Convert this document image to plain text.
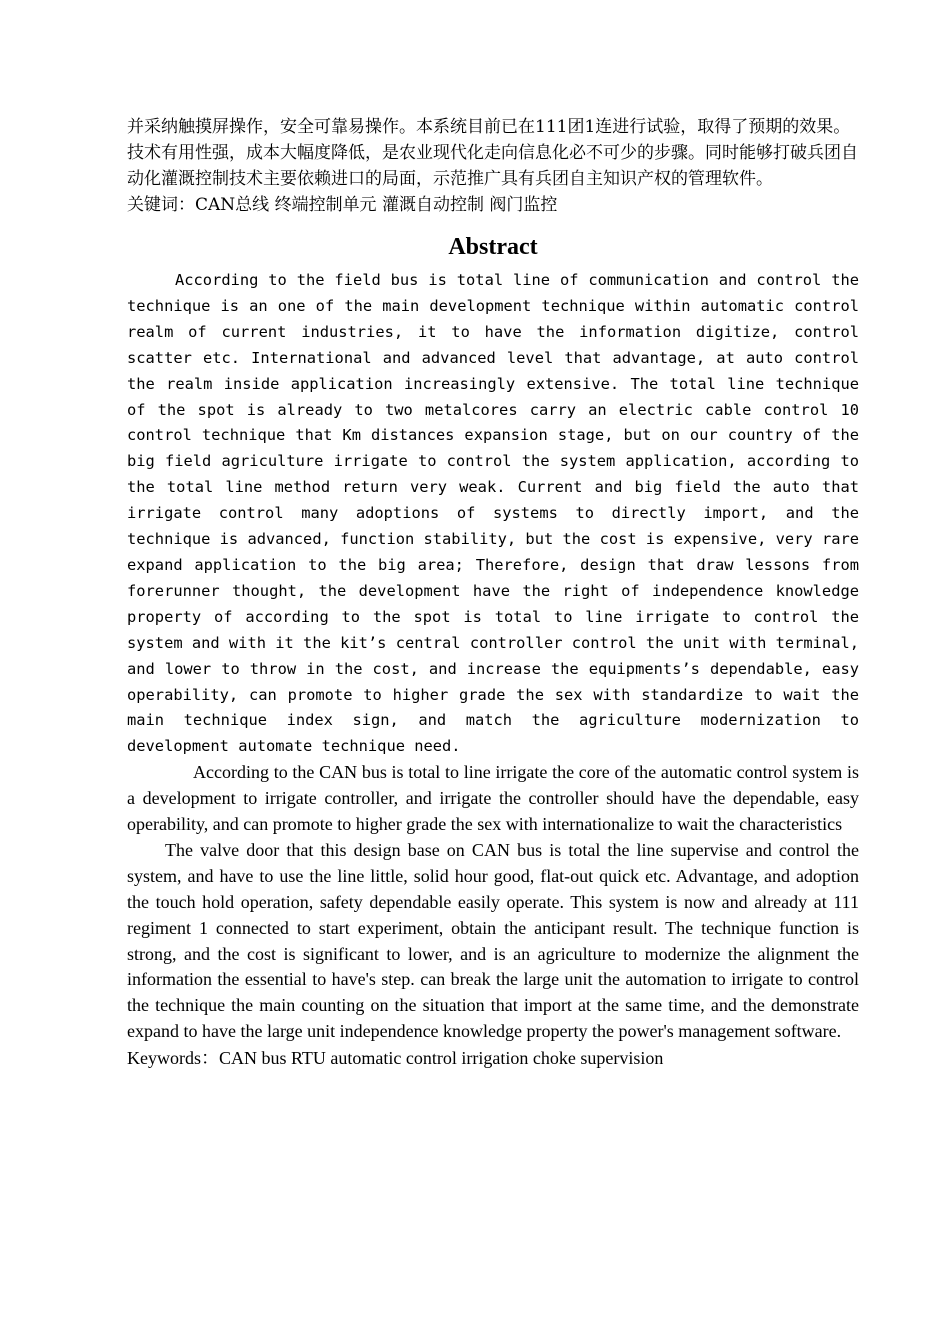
并采纳触摸屏操作，安全可靠易操作。本系统目前已在111团1连进行试验，取得了预期的效果。技术有用性强，成本大幅度降低，是农业现代化走向信息化必不可少的步骤。同时能够打破兵团自动化灌溉控制技术主要依赖进口的局面，示范推广具有兵团自主知识产权的管理软件。

关键词：CAN总线 终端控制单元 灌溉自动控制 阀门监控

Abstract

According to the field bus is total line of communication and control the technique is an one of the main development technique within automatic control realm of current industries, it to have the information digitize, control scatter etc. International and advanced level that advantage, at auto control the realm inside application increasingly extensive. The total line technique of the spot is already to two metalcores carry an electric cable control 10 control technique that Km distances expansion stage, but on our country of the big field agriculture irrigate to control the system application, according to the total line method return very weak. Current and big field the auto that irrigate control many adoptions of systems to directly import, and the technique is advanced, function stability, but the cost is expensive, very rare expand application to the big area; Therefore, design that draw lessons from forerunner thought, the development have the right of independence knowledge property of according to the spot is total to line irrigate to control the system and with it the kit’s central controller control the unit with terminal, and lower to throw in the cost, and increase the equipments’s dependable, easy operability, can promote to higher grade the sex with standardize to wait the main technique index sign, and match the agriculture modernization to development automate technique need.

According to the CAN bus is total to line irrigate the core of the automatic control system is a development to irrigate controller, and irrigate the controller should have the dependable, easy operability, and can promote to higher grade the sex with internationalize to wait the characteristics

The valve door that this design base on CAN bus is total the line supervise and control the system, and have to use the line little, solid hour good, flat-out quick etc. Advantage, and adoption the touch hold operation, safety dependable easily operate. This system is now and already at 111 regiment 1 connected to start experiment, obtain the anticipant result. The technique function is strong, and the cost is significant to lower, and is an agriculture to modernize the alignment the information the essential to have's step. can break the large unit the automation to irrigate to control the technique the main counting on the situation that import at the same time, and the demonstrate expand to have the large unit independence knowledge property the power's management software.

Keywords：CAN bus RTU automatic control irrigation choke supervision
